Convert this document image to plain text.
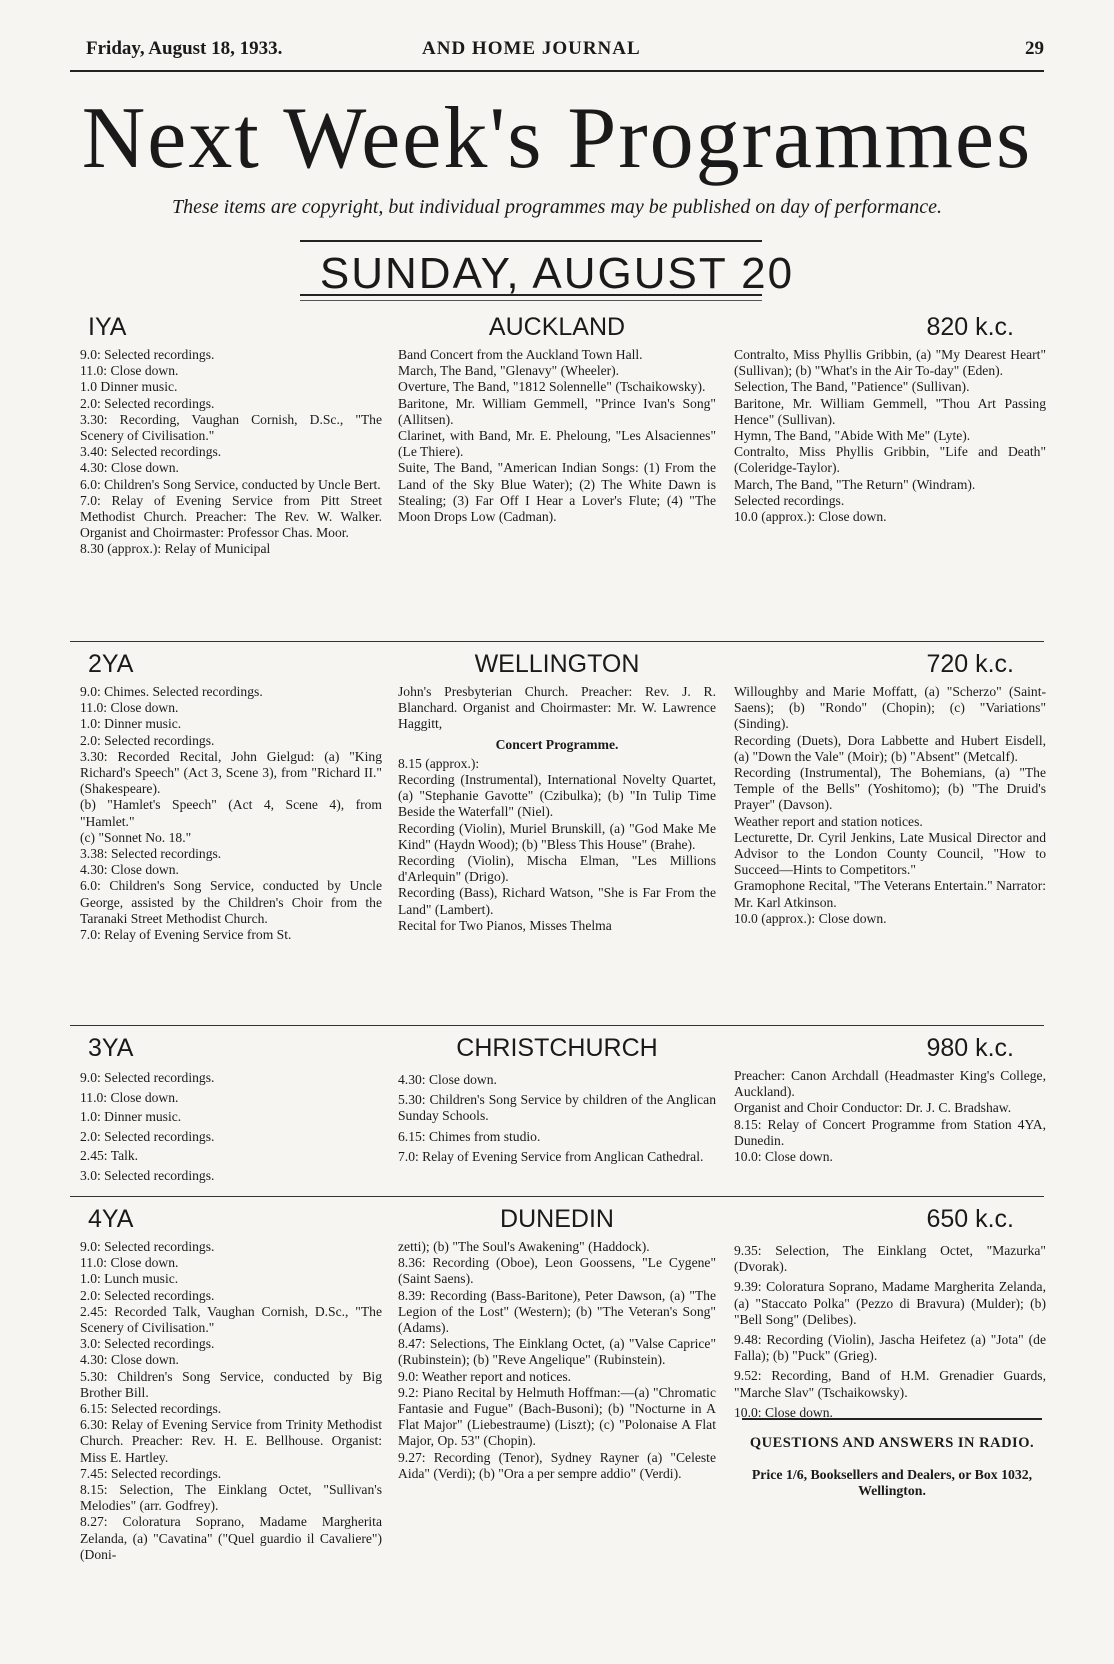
Friday, August 18, 1933.	AND HOME JOURNAL	29
Next Week's Programmes
These items are copyright, but individual programmes may be published on day of performance.
SUNDAY, AUGUST 20
IYA	AUCKLAND	820 k.c.

9.0: Selected recordings.

11.0: Close down.

1.0 Dinner music.

2.0: Selected recordings.

3.30: Recording, Vaughan Cornish, D.Sc., "The Scenery of Civilisation."

3.40: Selected recordings.

4.30: Close down.

6.0: Children's Song Service, conducted by Uncle Bert.

7.0: Relay of Evening Service from Pitt Street Methodist Church. Preacher: The Rev. W. Walker. Organist and Choirmaster: Professor Chas. Moor.

8.30 (approx.): Relay of Municipal

Band Concert from the Auckland Town Hall.

March, The Band, "Glenavy" (Wheeler).

Overture, The Band, "1812 Solennelle" (Tschaikowsky).

Baritone, Mr. William Gemmell, "Prince Ivan's Song" (Allitsen).

Clarinet, with Band, Mr. E. Pheloung, "Les Alsaciennes" (Le Thiere).

Suite, The Band, "American Indian Songs: (1) From the Land of the Sky Blue Water); (2) The White Dawn is Stealing; (3) Far Off I Hear a Lover's Flute; (4) "The Moon Drops Low (Cadman).

Contralto, Miss Phyllis Gribbin, (a) "My Dearest Heart" (Sullivan); (b) "What's in the Air To-day" (Eden).

Selection, The Band, "Patience" (Sullivan).

Baritone, Mr. William Gemmell, "Thou Art Passing Hence" (Sullivan).

Hymn, The Band, "Abide With Me" (Lyte).

Contralto, Miss Phyllis Gribbin, "Life and Death" (Coleridge-Taylor).

March, The Band, "The Return" (Windram).

Selected recordings.

10.0 (approx.): Close down.

2YA	WELLINGTON	720 k.c.

9.0: Chimes. Selected recordings.

11.0: Close down.

1.0: Dinner music.

2.0: Selected recordings.

3.30: Recorded Recital, John Gielgud: (a) "King Richard's Speech" (Act 3, Scene 3), from "Richard II." (Shakespeare).

(b) "Hamlet's Speech" (Act 4, Scene 4), from "Hamlet."

(c) "Sonnet No. 18."

3.38: Selected recordings.

4.30: Close down.

6.0: Children's Song Service, conducted by Uncle George, assisted by the Children's Choir from the Taranaki Street Methodist Church.

7.0: Relay of Evening Service from St.

John's Presbyterian Church. Preacher: Rev. J. R. Blanchard. Organist and Choirmaster: Mr. W. Lawrence Haggitt,

Concert Programme.

8.15 (approx.):

Recording (Instrumental), International Novelty Quartet, (a) "Stephanie Gavotte" (Czibulka); (b) "In Tulip Time Beside the Waterfall" (Niel).

Recording (Violin), Muriel Brunskill, (a) "God Make Me Kind" (Haydn Wood); (b) "Bless This House" (Brahe).

Recording (Violin), Mischa Elman, "Les Millions d'Arlequin" (Drigo).

Recording (Bass), Richard Watson, "She is Far From the Land" (Lambert).

Recital for Two Pianos, Misses Thelma

Willoughby and Marie Moffatt, (a) "Scherzo" (Saint-Saens); (b) "Rondo" (Chopin); (c) "Variations" (Sinding).

Recording (Duets), Dora Labbette and Hubert Eisdell, (a) "Down the Vale" (Moir); (b) "Absent" (Metcalf).

Recording (Instrumental), The Bohemians, (a) "The Temple of the Bells" (Yoshitomo); (b) "The Druid's Prayer" (Davson).

Weather report and station notices.

Lecturette, Dr. Cyril Jenkins, Late Musical Director and Advisor to the London County Council, "How to Succeed—Hints to Competitors."

Gramophone Recital, "The Veterans Entertain." Narrator: Mr. Karl Atkinson.

10.0 (approx.): Close down.

3YA	CHRISTCHURCH	980 k.c.

9.0: Selected recordings.

11.0: Close down.

1.0: Dinner music.

2.0: Selected recordings.

2.45: Talk.

3.0: Selected recordings.

4.30: Close down.

5.30: Children's Song Service by children of the Anglican Sunday Schools.

6.15: Chimes from studio.

7.0: Relay of Evening Service from Anglican Cathedral.

Preacher: Canon Archdall (Headmaster King's College, Auckland).

Organist and Choir Conductor: Dr. J. C. Bradshaw.

8.15: Relay of Concert Programme from Station 4YA, Dunedin.

10.0: Close down.

4YA	DUNEDIN	650 k.c.

9.0: Selected recordings.

11.0: Close down.

1.0: Lunch music.

2.0: Selected recordings.

2.45: Recorded Talk, Vaughan Cornish, D.Sc., "The Scenery of Civilisation."

3.0: Selected recordings.

4.30: Close down.

5.30: Children's Song Service, conducted by Big Brother Bill.

6.15: Selected recordings.

6.30: Relay of Evening Service from Trinity Methodist Church. Preacher: Rev. H. E. Bellhouse. Organist: Miss E. Hartley.

7.45: Selected recordings.

8.15: Selection, The Einklang Octet, "Sullivan's Melodies" (arr. Godfrey).

8.27: Coloratura Soprano, Madame Margherita Zelanda, (a) "Cavatina" ("Quel guardio il Cavaliere") (Doni-

zetti); (b) "The Soul's Awakening" (Haddock).

8.36: Recording (Oboe), Leon Goossens, "Le Cygene" (Saint Saens).

8.39: Recording (Bass-Baritone), Peter Dawson, (a) "The Legion of the Lost" (Western); (b) "The Veteran's Song" (Adams).

8.47: Selections, The Einklang Octet, (a) "Valse Caprice" (Rubinstein); (b) "Reve Angelique" (Rubinstein).

9.0: Weather report and notices.

9.2: Piano Recital by Helmuth Hoffman:—(a) "Chromatic Fantasie and Fugue" (Bach-Busoni); (b) "Nocturne in A Flat Major" (Liebestraume) (Liszt); (c) "Polonaise A Flat Major, Op. 53" (Chopin).

9.27: Recording (Tenor), Sydney Rayner (a) "Celeste Aida" (Verdi); (b) "Ora a per sempre addio" (Verdi).

9.35: Selection, The Einklang Octet, "Mazurka" (Dvorak).

9.39: Coloratura Soprano, Madame Margherita Zelanda, (a) "Staccato Polka" (Pezzo di Bravura) (Mulder); (b) "Bell Song" (Delibes).

9.48: Recording (Violin), Jascha Heifetez (a) "Jota" (de Falla); (b) "Puck" (Grieg).

9.52: Recording, Band of H.M. Grenadier Guards, "Marche Slav" (Tschaikowsky).

10.0: Close down.

QUESTIONS AND ANSWERS IN RADIO.
Price 1/6, Booksellers and Dealers, or Box 1032, Wellington.
